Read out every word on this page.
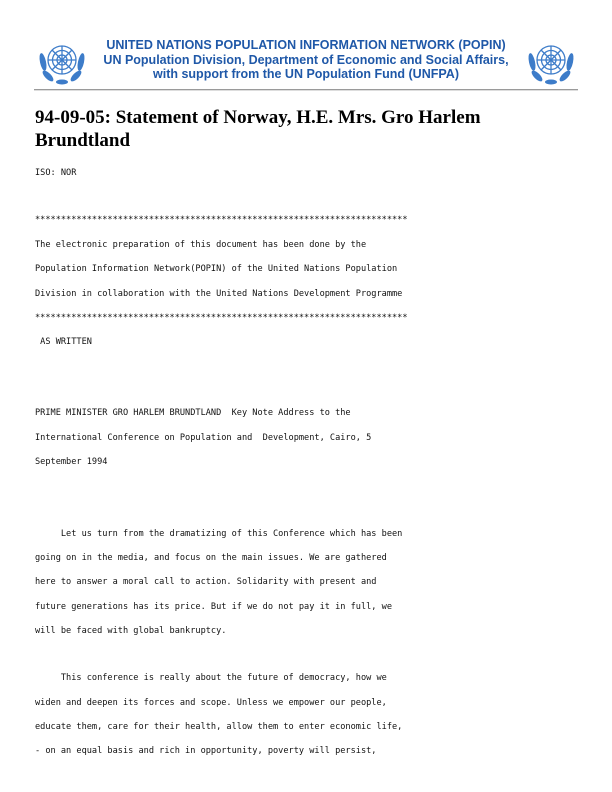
UNITED NATIONS POPULATION INFORMATION NETWORK (POPIN)
UN Population Division, Department of Economic and Social Affairs,
with support from the UN Population Fund (UNFPA)
94-09-05: Statement of Norway, H.E. Mrs. Gro Harlem Brundtland

ISO: NOR

************************************************************************

The electronic preparation of this document has been done by the

Population Information Network(POPIN) of the United Nations Population

Division in collaboration with the United Nations Development Programme

************************************************************************

AS WRITTEN

PRIME MINISTER GRO HARLEM BRUNDTLAND  Key Note Address to the

International Conference on Population and  Development, Cairo, 5

September 1994

Let us turn from the dramatizing of this Conference which has been

going on in the media, and focus on the main issues. We are gathered

here to answer a moral call to action. Solidarity with present and

future generations has its price. But if we do not pay it in full, we

will be faced with global bankruptcy.

This conference is really about the future of democracy, how we

widen and deepen its forces and scope. Unless we empower our people,

educate them, care for their health, allow them to enter economic life,

- on an equal basis and rich in opportunity, poverty will persist,
